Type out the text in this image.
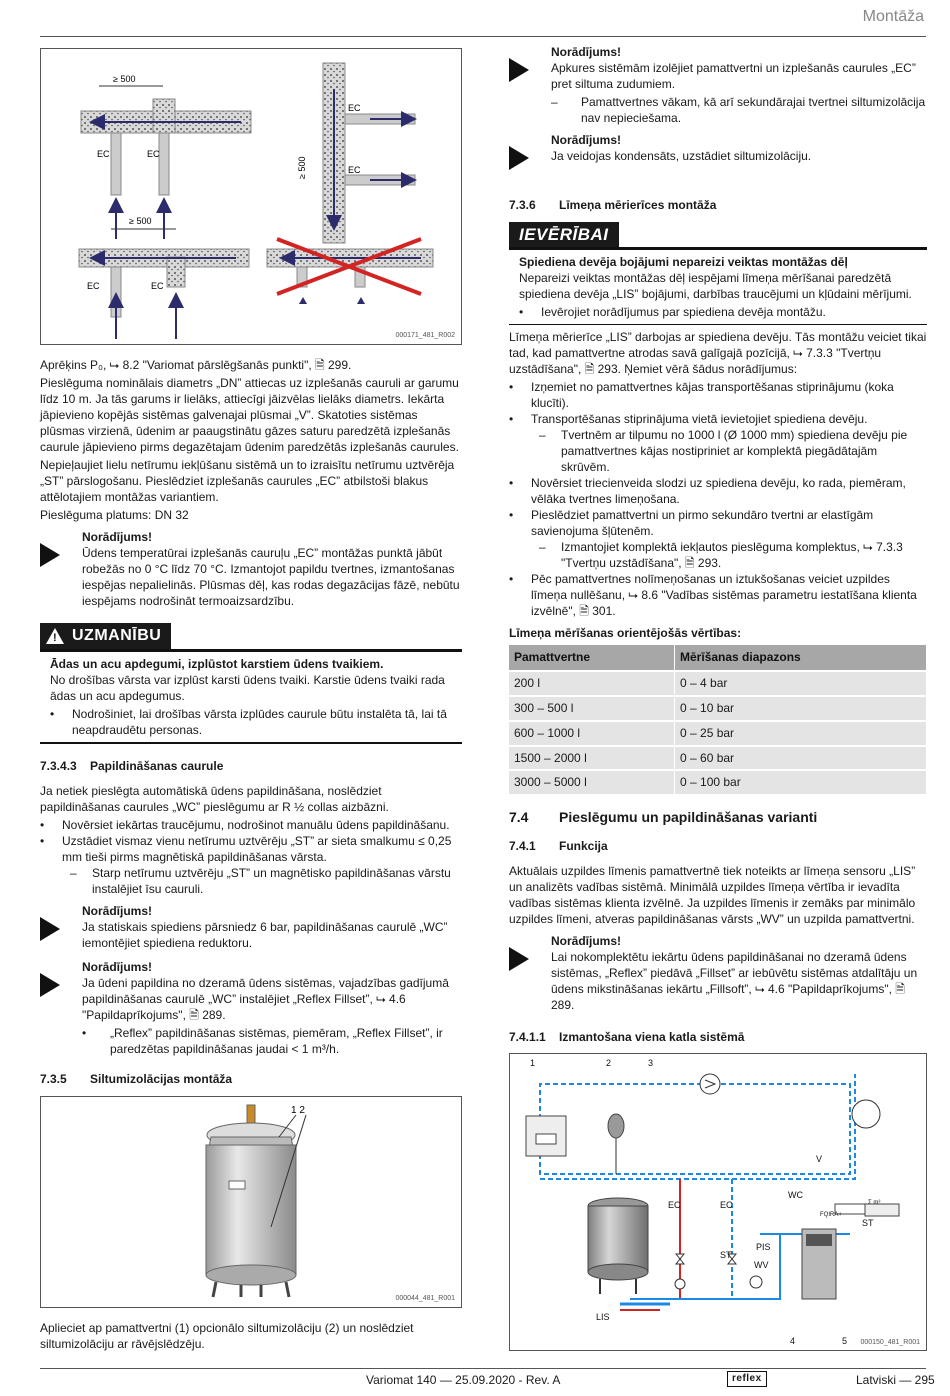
Montāža
≥ 500
EC	EC
EC
EC
≥ 500
≥ 500
EC	EC
000171_481_R002
Aprēķins P₀, ⮡ 8.2 "Variomat pārslēgšanās punkti", 🗎 299.
Pieslēguma nominālais diametrs „DN” attiecas uz izplešanās cauruli ar garumu līdz 10 m. Ja tās garums ir lielāks, attiecīgi jāizvēlas lielāks diametrs. Iekārta jāpievieno kopējās sistēmas galvenajai plūsmai „V”. Skatoties sistēmas plūsmas virzienā, ūdenim ar paaugstinātu gāzes saturu paredzētā izplešanās caurule jāpievieno pirms degazētajam ūdenim paredzētās izplešanās caurules.
Nepieļaujiet lielu netīrumu iekļūšanu sistēmā un to izraisītu netīrumu uztvērēja „ST” pārslogošanu. Pieslēdziet izplešanās caurules „EC” atbilstoši blakus attēlotajiem montāžas variantiem.
Pieslēguma platums: DN 32
Norādījums!
Ūdens temperatūrai izplešanās cauruļu „EC” montāžas punktā jābūt robežās no 0 °C līdz 70 °C. Izmantojot papildu tvertnes, izmantošanas iespējas nepalielinās. Plūsmas dēļ, kas rodas degazācijas fāzē, nebūtu iespējams nodrošināt termoaizsardzību.
! UZMANĪBU
Ādas un acu apdegumi, izplūstot karstiem ūdens tvaikiem.
No drošības vārsta var izplūst karsti ūdens tvaiki. Karstie ūdens tvaiki rada ādas un acu apdegumus.
•	Nodrošiniet, lai drošības vārsta izplūdes caurule būtu instalēta tā, lai tā neapdraudētu personas.
7.3.4.3	Papildināšanas caurule
Ja netiek pieslēgta automātiskā ūdens papildināšana, noslēdziet papildināšanas caurules „WC” pieslēgumu ar R ½ collas aizbāzni.
•	Novērsiet iekārtas traucējumu, nodrošinot manuālu ūdens papildināšanu.
•	Uzstādiet vismaz vienu netīrumu uztvērēju „ST” ar sieta smalkumu ≤ 0,25 mm tieši pirms magnētiskā papildināšanas vārsta.
–	Starp netīrumu uztvērēju „ST” un magnētisko papildināšanas vārstu instalējiet īsu cauruli.
Norādījums!
Ja statiskais spiediens pārsniedz 6 bar, papildināšanas caurulē „WC” iemontējiet spiediena reduktoru.
Norādījums!
Ja ūdeni papildina no dzeramā ūdens sistēmas, vajadzības gadījumā papildināšanas caurulē „WC” instalējiet „Reflex Fillset”, ⮡ 4.6 "Papildaprīkojums", 🗎 289.
•	„Reflex” papildināšanas sistēmas, piemēram, „Reflex Fillset”, ir paredzētas papildināšanas jaudai < 1 m³/h.
7.3.5	Siltumizolācijas montāža
1 2
000044_481_R001
Aplieciet ap pamattvertni (1) opcionālo siltumizolāciju (2) un noslēdziet siltumizolāciju ar rāvējslēdzēju.
Norādījums!
Apkures sistēmām izolējiet pamattvertni un izplešanās caurules „EC” pret siltuma zudumiem.
–	Pamattvertnes vākam, kā arī sekundārajai tvertnei siltumizolācija nav nepieciešama.
Norādījums!
Ja veidojas kondensāts, uzstādiet siltumizolāciju.
7.3.6	Līmeņa mērierīces montāža
IEVĒRĪBAI
Spiediena devēja bojājumi nepareizi veiktas montāžas dēļ
Nepareizi veiktas montāžas dēļ iespējami līmeņa mērīšanai paredzētā spiediena devēja „LIS” bojājumi, darbības traucējumi un kļūdaini mērījumi.
•	Ievērojiet norādījumus par spiediena devēja montāžu.
Līmeņa mērierīce „LIS” darbojas ar spiediena devēju. Tās montāžu veiciet tikai tad, kad pamattvertne atrodas savā galīgajā pozīcijā, ⮡ 7.3.3 "Tvertņu uzstādīšana", 🗎 293. Ņemiet vērā šādus norādījumus:
•	Izņemiet no pamattvertnes kājas transportēšanas stiprinājumu (koka klucīti).
•	Transportēšanas stiprinājuma vietā ievietojiet spiediena devēju.
–	Tvertnēm ar tilpumu no 1000 l (Ø 1000 mm) spiediena devēju pie pamattvertnes kājas nostipriniet ar komplektā piegādātajām skrūvēm.
•	Novērsiet triecienveida slodzi uz spiediena devēju, ko rada, piemēram, vēlāka tvertnes limeņošana.
•	Pieslēdziet pamattvertni un pirmo sekundāro tvertni ar elastīgām savienojuma šļūtenēm.
–	Izmantojiet komplektā iekļautos pieslēguma komplektus, ⮡ 7.3.3 "Tvertņu uzstādīšana", 🗎 293.
•	Pēc pamattvertnes nolīmeņošanas un iztukšošanas veiciet uzpildes līmeņa nullēšanu, ⮡ 8.6 "Vadības sistēmas parametru iestatīšana klienta izvēlnē", 🗎 301.
Līmeņa mērīšanas orientējošās vērtības:
Pamattvertne	Mērīšanas diapazons
200 l	0 – 4 bar
300 – 500 l	0 – 10 bar
600 – 1000 l	0 – 25 bar
1500 – 2000 l	0 – 60 bar
3000 – 5000 l	0 – 100 bar
7.4	Pieslēgumu un papildināšanas varianti
7.4.1	Funkcija
Aktuālais uzpildes līmenis pamattvertnē tiek noteikts ar līmeņa sensoru „LIS” un analizēts vadības sistēmā. Minimālā uzpildes līmeņa vērtība ir ievadīta vadības sistēmas klienta izvēlnē. Ja uzpildes līmenis ir zemāks par minimālo uzpildes līmeni, atveras papildināšanas vārsts „WV” un uzpilda pamattvertni.
Norādījums!
Lai nokomplektētu iekārtu ūdens papildināšanai no dzeramā ūdens sistēmas, „Reflex” piedāvā „Fillset” ar iebūvētu sistēmas atdalītāju un ūdens mikstināšanas iekārtu „Fillsoft”, ⮡ 4.6 "Papildaprīkojums", 🗎 289.
7.4.1.1	Izmantošana viena katla sistēmā
1	2	3
4	5
V
EC	EC
WC
ST
ST
PIS
WV
LIS
Σ m³
FQIRA+
000150_481_R001
Variomat 140 — 25.09.2020 - Rev. A	reflex	Latviski — 295
